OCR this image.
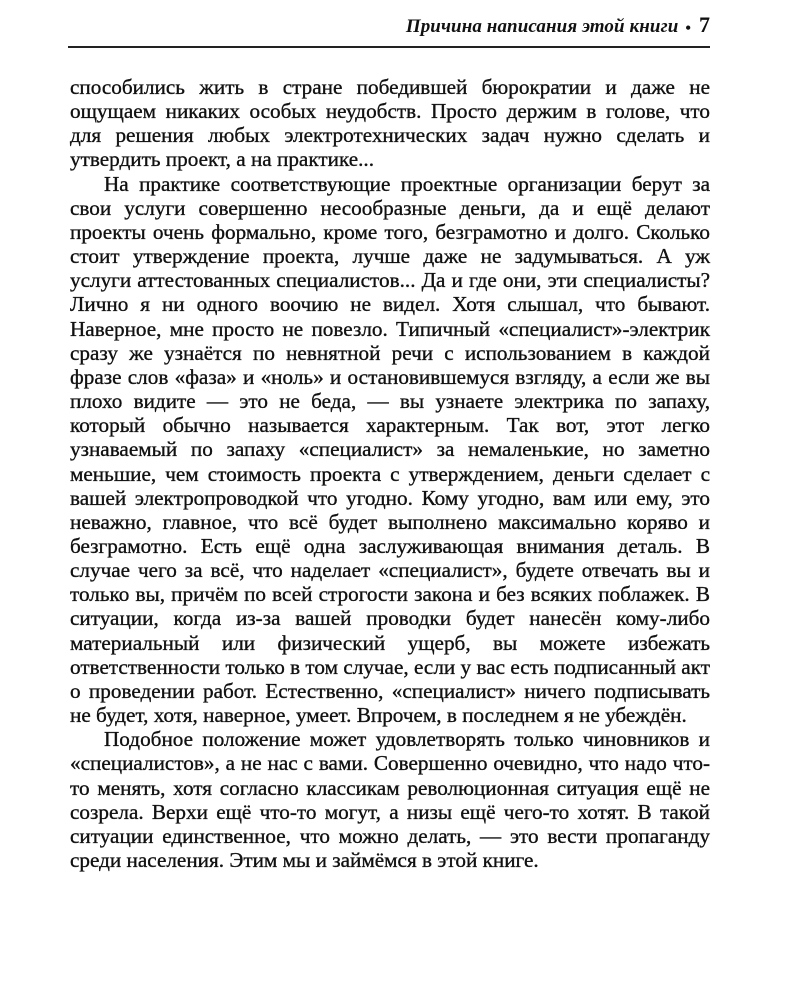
Причина написания этой книги • 7

способились жить в стране победившей бюрократии и даже не ощущаем никаких особых неудобств. Просто держим в голове, что для решения любых электротехнических задач нужно сделать и утвердить проект, а на практике...

На практике соответствующие проектные организации берут за свои услуги совершенно несообразные деньги, да и ещё делают проекты очень формально, кроме того, безграмотно и долго. Сколько стоит утверждение проекта, лучше даже не задумываться. А уж услуги аттестованных специалистов... Да и где они, эти специалисты? Лично я ни одного воочию не видел. Хотя слышал, что бывают. Наверное, мне просто не повезло. Типичный «специалист»-электрик сразу же узнаётся по невнятной речи с использованием в каждой фразе слов «фаза» и «ноль» и остановившемуся взгляду, а если же вы плохо видите — это не беда, — вы узнаете электрика по запаху, который обычно называется характерным. Так вот, этот легко узнаваемый по запаху «специалист» за немаленькие, но заметно меньшие, чем стоимость проекта с утверждением, деньги сделает с вашей электропроводкой что угодно. Кому угодно, вам или ему, это неважно, главное, что всё будет выполнено максимально коряво и безграмотно. Есть ещё одна заслуживающая внимания деталь. В случае чего за всё, что наделает «специалист», будете отвечать вы и только вы, причём по всей строгости закона и без всяких поблажек. В ситуации, когда из-за вашей проводки будет нанесён кому-либо материальный или физический ущерб, вы можете избежать ответственности только в том случае, если у вас есть подписанный акт о проведении работ. Естественно, «специалист» ничего подписывать не будет, хотя, наверное, умеет. Впрочем, в последнем я не убеждён.

Подобное положение может удовлетворять только чиновников и «специалистов», а не нас с вами. Совершенно очевидно, что надо что-то менять, хотя согласно классикам революционная ситуация ещё не созрела. Верхи ещё что-то могут, а низы ещё чего-то хотят. В такой ситуации единственное, что можно делать, — это вести пропаганду среди населения. Этим мы и займёмся в этой книге.
